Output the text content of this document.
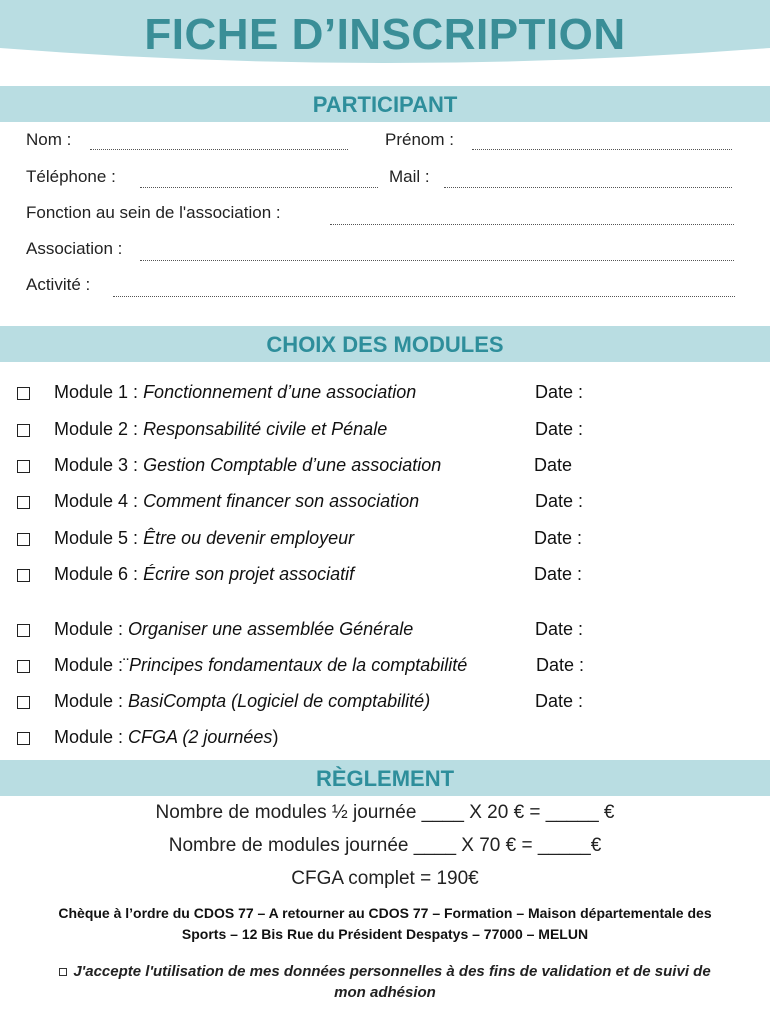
FICHE D’INSCRIPTION
PARTICIPANT
Nom :	Prénom :
Téléphone :	Mail :
Fonction au sein de l'association :
Association :
Activité :
CHOIX DES MODULES
Module 1 : Fonctionnement d’une association	Date :
Module 2 : Responsabilité civile et Pénale	Date :
Module 3 : Gestion Comptable d’une association	Date
Module 4 : Comment financer son association	Date :
Module 5 : Être ou devenir employeur	Date :
Module 6 : Écrire son projet associatif	Date :
Module : Organiser une assemblée Générale	Date :
Module :¨Principes fondamentaux de la comptabilité	Date :
Module : BasiCompta (Logiciel de comptabilité)	Date :
Module : CFGA (2 journées)
RÈGLEMENT
Nombre de modules ½ journée ____ X 20 € = _____ €
Nombre de modules journée ____ X 70 € = _____€
CFGA complet = 190€
Chèque à l’ordre du CDOS 77 – A retourner au CDOS 77 – Formation – Maison départementale des
Sports – 12 Bis Rue du Président Despatys – 77000 – MELUN
J'accepte l'utilisation de mes données personnelles à des fins de validation et de suivi de
mon adhésion
